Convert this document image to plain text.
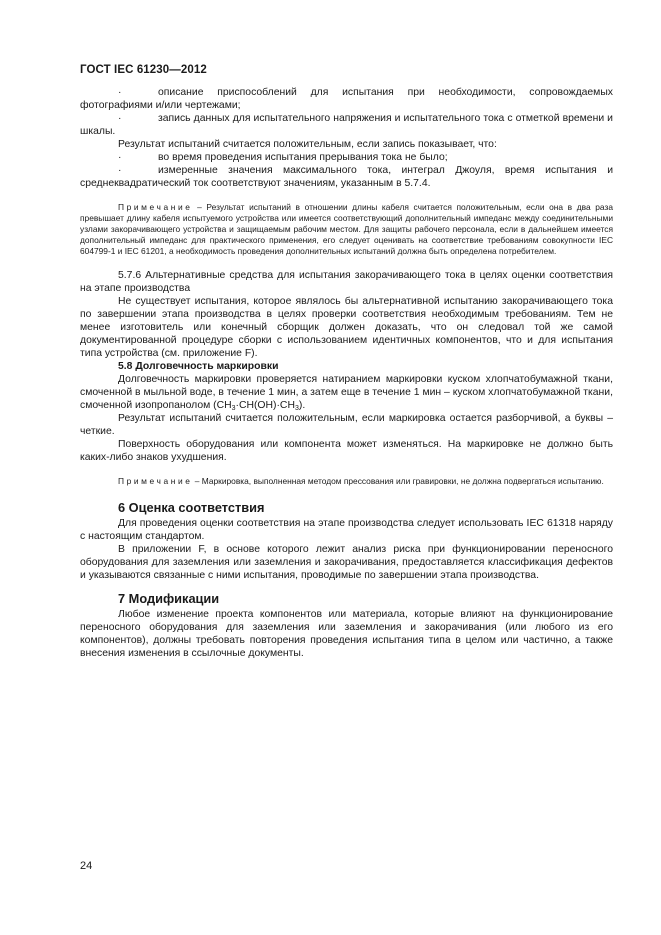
ГОСТ IEC 61230—2012

·	описание приспособлений для испытания при необходимости, сопровождаемых фотографиями и/или чертежами;

·	запись данных для испытательного напряжения и испытательного тока с отметкой времени и шкалы.

Результат испытаний считается положительным, если запись показывает, что:

·	во время проведения испытания прерывания тока не было;

·	измеренные значения максимального тока, интеграл Джоуля, время испытания и среднеквадратический ток соответствуют значениям, указанным в 5.7.4.

Примечание – Результат испытаний в отношении длины кабеля считается положительным, если она в два раза превышает длину кабеля испытуемого устройства или имеется соответствующий дополнительный импеданс между соединительными узлами закорачивающего устройства и защищаемым рабочим местом. Для защиты рабочего персонала, если в дальнейшем имеется дополнительный импеданс для практического применения, его следует оценивать на соответствие требованиям совокупности IEC 604799-1 и IEC 61201, а необходимость проведения дополнительных испытаний должна быть определена потребителем.

5.7.6 Альтернативные средства для испытания закорачивающего тока в целях оценки соответствия на этапе производства

Не существует испытания, которое являлось бы альтернативной испытанию закорачивающего тока по завершении этапа производства в целях проверки соответствия необходимым требованиям. Тем не менее изготовитель или конечный сборщик должен доказать, что он следовал той же самой документированной процедуре сборки с использованием идентичных компонентов, что и для испытания типа устройства (см. приложение F).

5.8 Долговечность маркировки

Долговечность маркировки проверяется натиранием маркировки куском хлопчатобумажной ткани, смоченной в мыльной воде, в течение 1 мин, а затем еще в течение 1 мин – куском хлопчатобумажной ткани, смоченной изопропанолом $(CH_3\cdot CH(OH)\cdot CH_3)$.

Результат испытаний считается положительным, если маркировка остается разборчивой, а буквы – четкие.

Поверхность оборудования или компонента может изменяться. На маркировке не должно быть каких-либо знаков ухудшения.

Примечание – Маркировка, выполненная методом прессования или гравировки, не должна подвергаться испытанию.

6 Оценка соответствия

Для проведения оценки соответствия на этапе производства следует использовать IEC 61318 наряду с настоящим стандартом.

В приложении F, в основе которого лежит анализ риска при функционировании переносного оборудования для заземления или заземления и закорачивания, предоставляется классификация дефектов и указываются связанные с ними испытания, проводимые по завершении этапа производства.

7 Модификации

Любое изменение проекта компонентов или материала, которые влияют на функционирование переносного оборудования для заземления или заземления и закорачивания (или любого из его компонентов), должны требовать повторения проведения испытания типа в целом или частично, а также внесения изменения в ссылочные документы.

24
